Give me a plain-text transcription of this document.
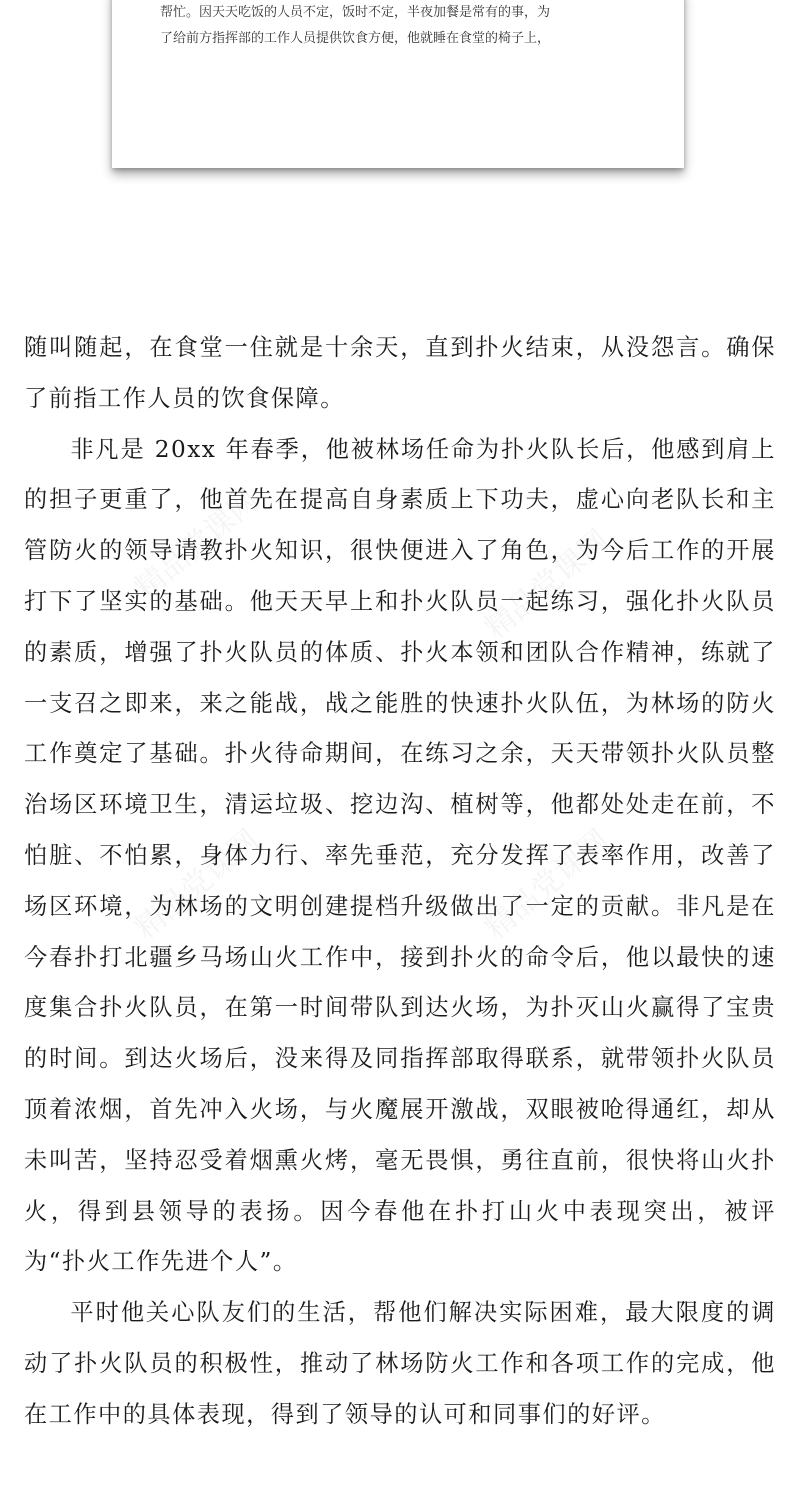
帮忙。因天天吃饭的人员不定，饭时不定，半夜加餐是常有的事，为
了给前方指挥部的工作人员提供饮食方便，他就睡在食堂的椅子上，
精品党课网	精品党课网
精品党课网	精品党课网

随叫随起，在食堂一住就是十余天，直到扑火结束，从没怨言。确保了前指工作人员的饮食保障。

非凡是 20xx 年春季，他被林场任命为扑火队长后，他感到肩上的担子更重了，他首先在提高自身素质上下功夫，虚心向老队长和主管防火的领导请教扑火知识，很快便进入了角色，为今后工作的开展打下了坚实的基础。他天天早上和扑火队员一起练习，强化扑火队员的素质，增强了扑火队员的体质、扑火本领和团队合作精神，练就了一支召之即来，来之能战，战之能胜的快速扑火队伍，为林场的防火工作奠定了基础。扑火待命期间，在练习之余，天天带领扑火队员整治场区环境卫生，清运垃圾、挖边沟、植树等，他都处处走在前，不怕脏、不怕累，身体力行、率先垂范，充分发挥了表率作用，改善了场区环境，为林场的文明创建提档升级做出了一定的贡献。非凡是在今春扑打北疆乡马场山火工作中，接到扑火的命令后，他以最快的速度集合扑火队员，在第一时间带队到达火场，为扑灭山火赢得了宝贵的时间。到达火场后，没来得及同指挥部取得联系，就带领扑火队员顶着浓烟，首先冲入火场，与火魔展开激战，双眼被呛得通红，却从未叫苦，坚持忍受着烟熏火烤，毫无畏惧，勇往直前，很快将山火扑火，得到县领导的表扬。因今春他在扑打山火中表现突出，被评为“扑火工作先进个人”。

平时他关心队友们的生活，帮他们解决实际困难，最大限度的调动了扑火队员的积极性，推动了林场防火工作和各项工作的完成，他在工作中的具体表现，得到了领导的认可和同事们的好评。
